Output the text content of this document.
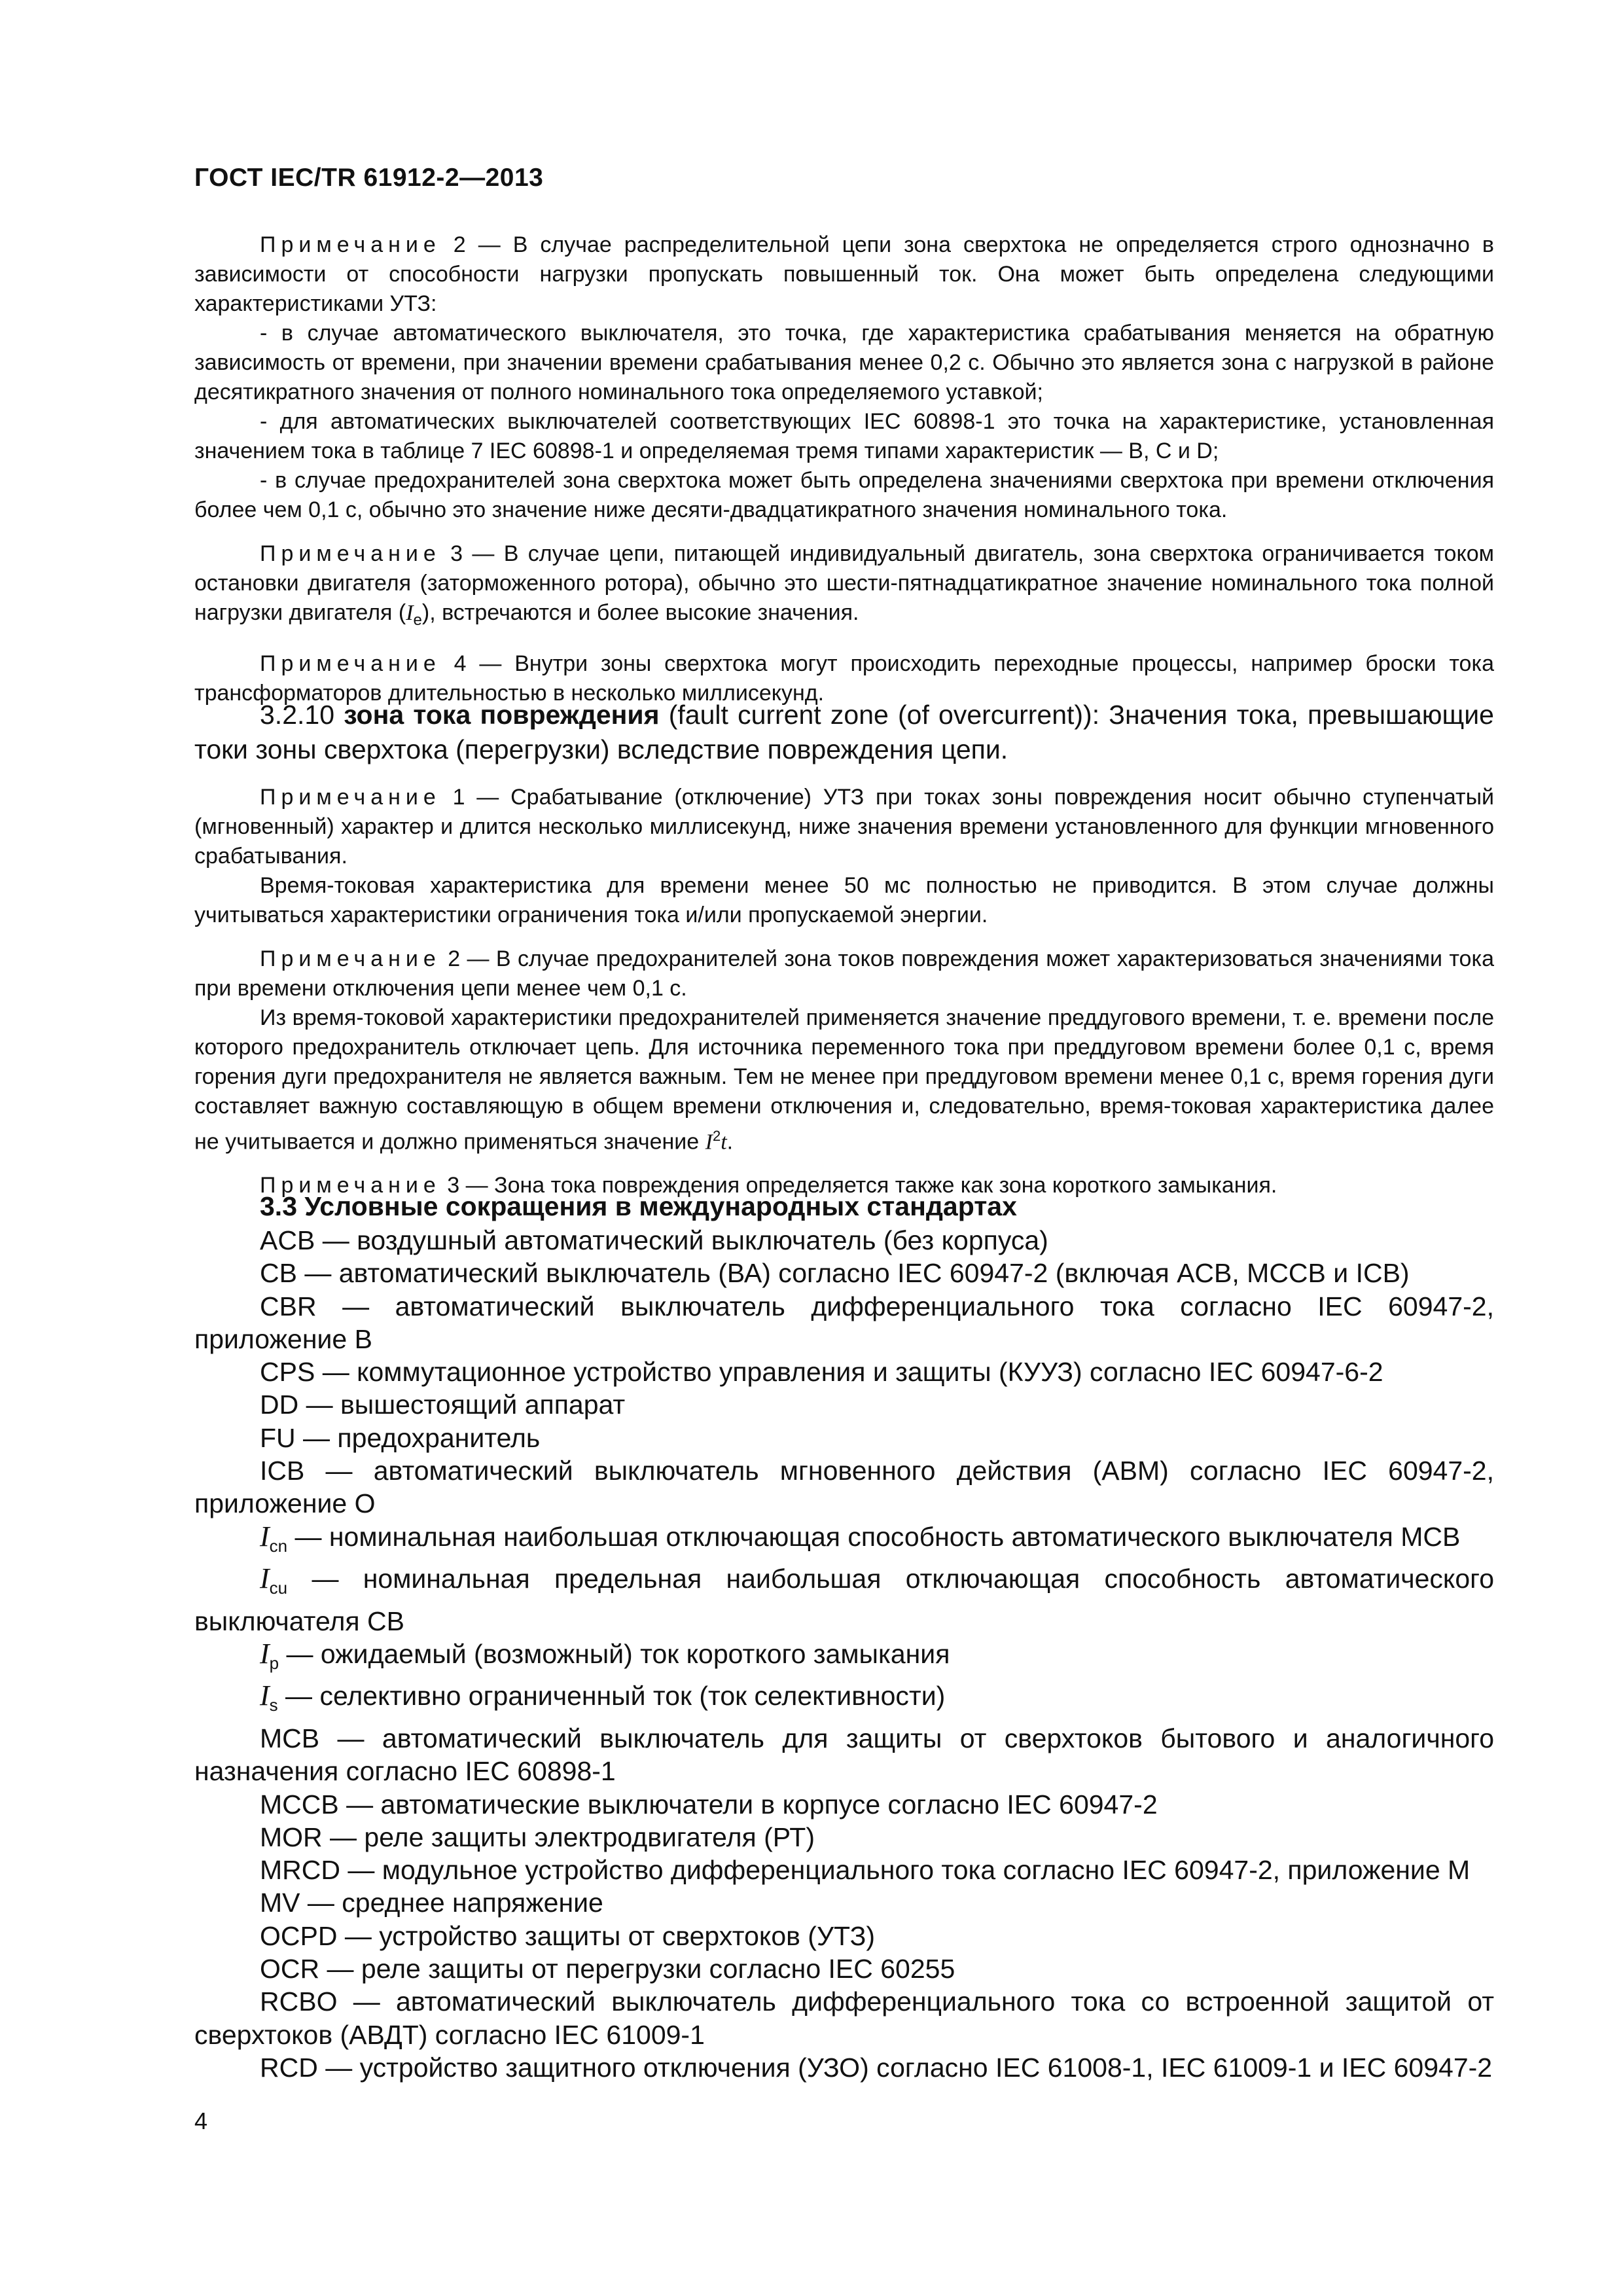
ГОСТ IEC/TR 61912-2—2013

Примечание 2 — В случае распределительной цепи зона сверхтока не определяется строго однозначно в зависимости от способности нагрузки пропускать повышенный ток. Она может быть определена следующими характеристиками УТЗ:

- в случае автоматического выключателя, это точка, где характеристика срабатывания меняется на обратную зависимость от времени, при значении времени срабатывания менее 0,2 с. Обычно это является зона с нагрузкой в районе десятикратного значения от полного номинального тока определяемого уставкой;

- для автоматических выключателей соответствующих IEC 60898-1 это точка на характеристике, установленная значением тока в таблице 7 IEC 60898-1 и определяемая тремя типами характеристик — B, C и D;

- в случае предохранителей зона сверхтока может быть определена значениями сверхтока при времени отключения более чем 0,1 с, обычно это значение ниже десяти-двадцатикратного значения номинального тока.

Примечание 3 — В случае цепи, питающей индивидуальный двигатель, зона сверхтока ограничивается током остановки двигателя (заторможенного ротора), обычно это шести-пятнадцатикратное значение номинального тока полной нагрузки двигателя $(I_e)$, встречаются и более высокие значения.

Примечание 4 — Внутри зоны сверхтока могут происходить переходные процессы, например броски тока трансформаторов длительностью в несколько миллисекунд.

3.2.10 зона тока повреждения (fault current zone (of overcurrent)): Значения тока, превышающие токи зоны сверхтока (перегрузки) вследствие повреждения цепи.

Примечание 1 — Срабатывание (отключение) УТЗ при токах зоны повреждения носит обычно ступенчатый (мгновенный) характер и длится несколько миллисекунд, ниже значения времени установленного для функции мгновенного срабатывания.

Время-токовая характеристика для времени менее 50 мс полностью не приводится. В этом случае должны учитываться характеристики ограничения тока и/или пропускаемой энергии.

Примечание 2 — В случае предохранителей зона токов повреждения может характеризоваться значениями тока при времени отключения цепи менее чем 0,1 с.

Из время-токовой характеристики предохранителей применяется значение преддугового времени, т. е. времени после которого предохранитель отключает цепь. Для источника переменного тока при преддуговом времени более 0,1 с, время горения дуги предохранителя не является важным. Тем не менее при преддуговом времени менее 0,1 с, время горения дуги составляет важную составляющую в общем времени отключения и, следовательно, время-токовая характеристика далее не учитывается и должно применяться значение $I^2t$.

Примечание 3 — Зона тока повреждения определяется также как зона короткого замыкания.

3.3 Условные сокращения в международных стандартах

ACB — воздушный автоматический выключатель (без корпуса)

CB — автоматический выключатель (ВА) согласно IEC 60947-2 (включая ACB, MCCB и ICB)

CBR — автоматический выключатель дифференциального тока согласно IEC 60947-2, приложение B

CPS — коммутационное устройство управления и защиты (КУУЗ) согласно IEC 60947-6-2

DD — вышестоящий аппарат

FU — предохранитель

ICB — автоматический выключатель мгновенного действия (АВМ) согласно IEC 60947-2, приложение O

$I_{cn}$ — номинальная наибольшая отключающая способность автоматического выключателя MCB

$I_{cu}$ — номинальная предельная наибольшая отключающая способность автоматического выключателя CB

$I_p$ — ожидаемый (возможный) ток короткого замыкания

$I_s$ — селективно ограниченный ток (ток селективности)

MCB — автоматический выключатель для защиты от сверхтоков бытового и аналогичного назначения согласно IEC 60898-1

MCCB — автоматические выключатели в корпусе согласно IEC 60947-2

MOR — реле защиты электродвигателя (РТ)

MRCD — модульное устройство дифференциального тока согласно IEC 60947-2, приложение M

MV — среднее напряжение

OCPD — устройство защиты от сверхтоков (УТЗ)

OCR — реле защиты от перегрузки согласно IEC 60255

RCBO — автоматический выключатель дифференциального тока со встроенной защитой от сверхтоков (АВДТ) согласно IEC 61009-1

RCD — устройство защитного отключения (УЗО) согласно IEC 61008-1, IEC 61009-1 и IEC 60947-2

4
